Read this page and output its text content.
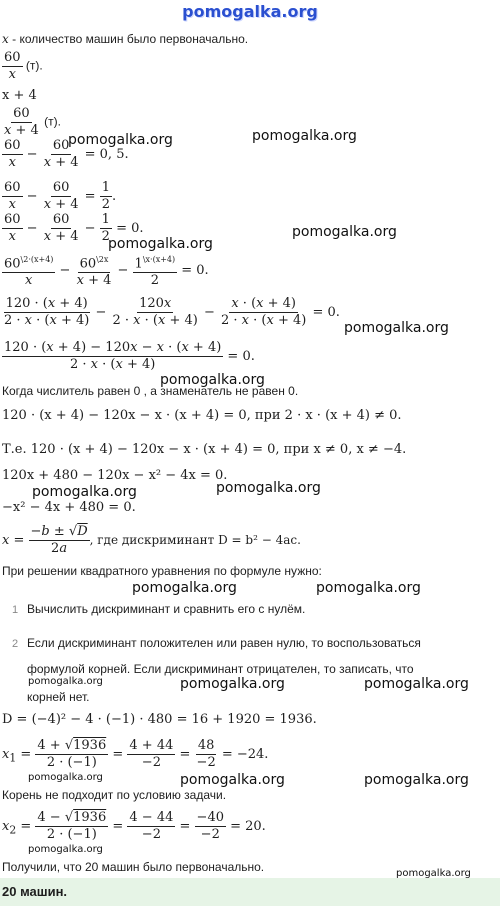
pomogalka.org
x - количество машин было первоначально.
$\frac{60}{x} (т)$.
x + 4
$\frac{60}{x + 4} (т)$.
$\frac{60}{x} - \frac{60}{x + 4} = 0$, 5.
$\frac{60}{x} - \frac{60}{x + 4} = \frac{1}{2}$ .
$\frac{60}{x} - \frac{60}{x + 4} - \frac{1}{2} = 0$.
$\frac{60^{\backslash 2\cdot(x+4)}}{x} - \frac{60^{\backslash 2x}}{x + 4} - \frac{1^{\backslash x\cdot(x+4)}}{2} = 0$.
$\frac{120 \cdot (x + 4)}{2 \cdot x \cdot (x + 4)} - \frac{120x}{2 \cdot x \cdot (x + 4)} - \frac{x \cdot (x + 4)}{2 \cdot x \cdot (x + 4)} = 0$.
$\frac{120 \cdot (x + 4) - 120x - x \cdot (x + 4)}{2 \cdot x \cdot (x + 4)} = 0$.
Когда числитель равен 0 , а знаменатель не равен 0.
120 · (x + 4) − 120x − x · (x + 4) = 0, при 2 · x · (x + 4) ≠ 0.
Т.е. 120 · (x + 4) − 120x − x · (x + 4) = 0, при x ≠ 0, x ≠ −4.
120x + 480 − 120x − x² − 4x = 0.
−x² − 4x + 480 = 0.
$x = \frac{-b \pm √D}{2a}$ , где дискриминант D = b² − 4ac.
При решении квадратного уравнения по формуле нужно:
1 Вычислить дискриминант и сравнить его с нулём.
2 Если дискриминант положителен или равен нулю, то воспользоваться
формулой корней. Если дискриминант отрицателен, то записать, что
корней нет.
D = (−4)² − 4 · (−1) · 480 = 16 + 1920 = 1936.
$x_1 = \frac{4 + √1936}{2 \cdot (-1)} = \frac{4 + 44}{-2} = \frac{48}{-2} = -24$.
Корень не подходит по условию задачи.
$x_2 = \frac{4 - √1936}{2 \cdot (-1)} = \frac{4 - 44}{-2} = \frac{-40}{-2} = 20$.
Получили, что 20 машин было первоначально.
20 машин.
pomogalka.org	pomogalka.org
pomogalka.org
pomogalka.org
pomogalka.org
pomogalka.org
pomogalka.org	pomogalka.org
pomogalka.org	pomogalka.org
pomogalka.org	pomogalka.org	pomogalka.org
pomogalka.org	pomogalka.org	pomogalka.org
pomogalka.org
pomogalka.org
